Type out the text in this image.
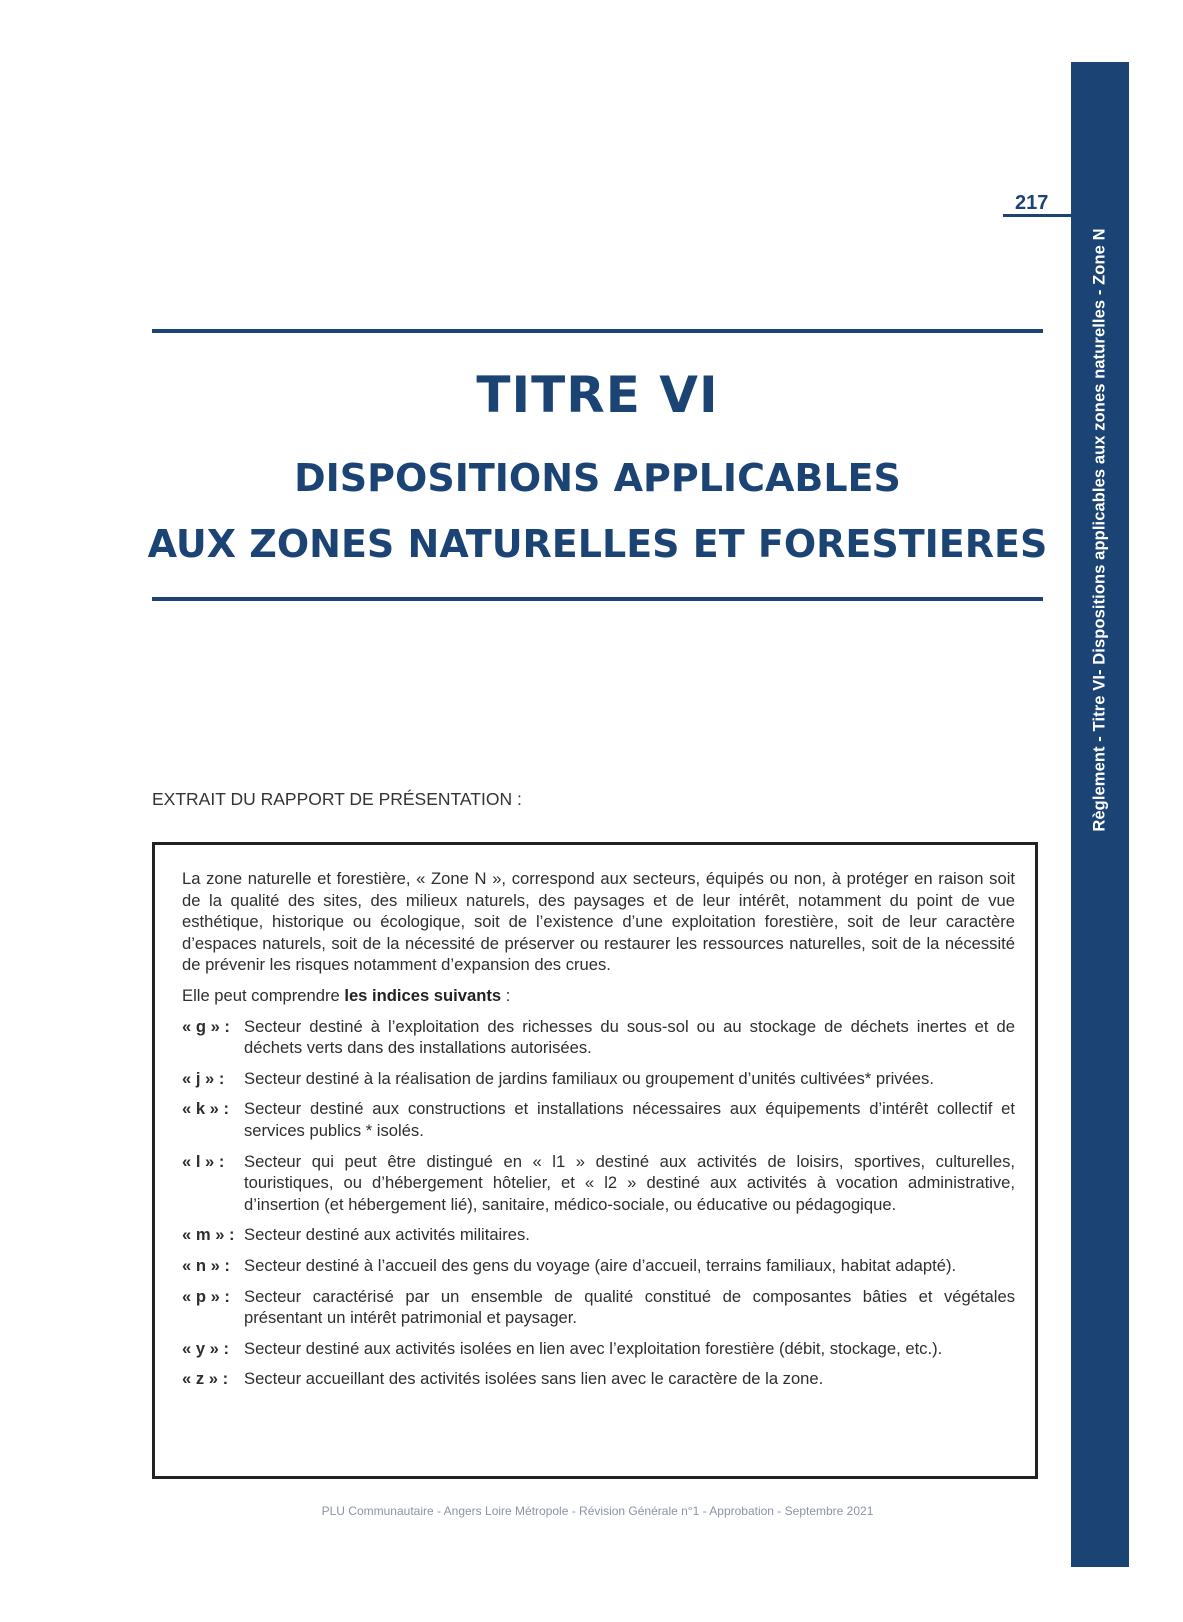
Règlement - Titre VI- Dispositions applicables aux zones naturelles - Zone N
217
TITRE VI
DISPOSITIONS APPLICABLES
AUX ZONES NATURELLES ET FORESTIERES
EXTRAIT DU RAPPORT DE PRÉSENTATION :

La zone naturelle et forestière, « Zone N », correspond aux secteurs, équipés ou non, à protéger en raison soit de la qualité des sites, des milieux naturels, des paysages et de leur intérêt, notamment du point de vue esthétique, historique ou écologique, soit de l’existence d’une exploitation forestière, soit de leur caractère d’espaces naturels, soit de la nécessité de préserver ou restaurer les ressources naturelles, soit de la nécessité de prévenir les risques notamment d’expansion des crues.

Elle peut comprendre les indices suivants :

« g » : Secteur destiné à l’exploitation des richesses du sous-sol ou au stockage de déchets inertes et de déchets verts dans des installations autorisées.
« j » :	Secteur destiné à la réalisation de jardins familiaux ou groupement d’unités cultivées* privées.
« k » : Secteur destiné aux constructions et installations nécessaires aux équipements d’intérêt collectif et services publics * isolés.
« l » :	Secteur qui peut être distingué en « l1 » destiné aux activités de loisirs, sportives, culturelles, touristiques, ou d’hébergement hôtelier, et « l2 » destiné aux activités à vocation administrative, d’insertion (et hébergement lié), sanitaire, médico-sociale, ou éducative ou pédagogique.
« m » : Secteur destiné aux activités militaires.
« n » : Secteur destiné à l’accueil des gens du voyage (aire d’accueil, terrains familiaux, habitat adapté).
« p » : Secteur caractérisé par un ensemble de qualité constitué de composantes bâties et végétales présentant un intérêt patrimonial et paysager.
« y » : Secteur destiné aux activités isolées en lien avec l’exploitation forestière (débit, stockage, etc.).
« z » : Secteur accueillant des activités isolées sans lien avec le caractère de la zone.
PLU Communautaire - Angers Loire Métropole - Révision Générale n°1 - Approbation - Septembre 2021
